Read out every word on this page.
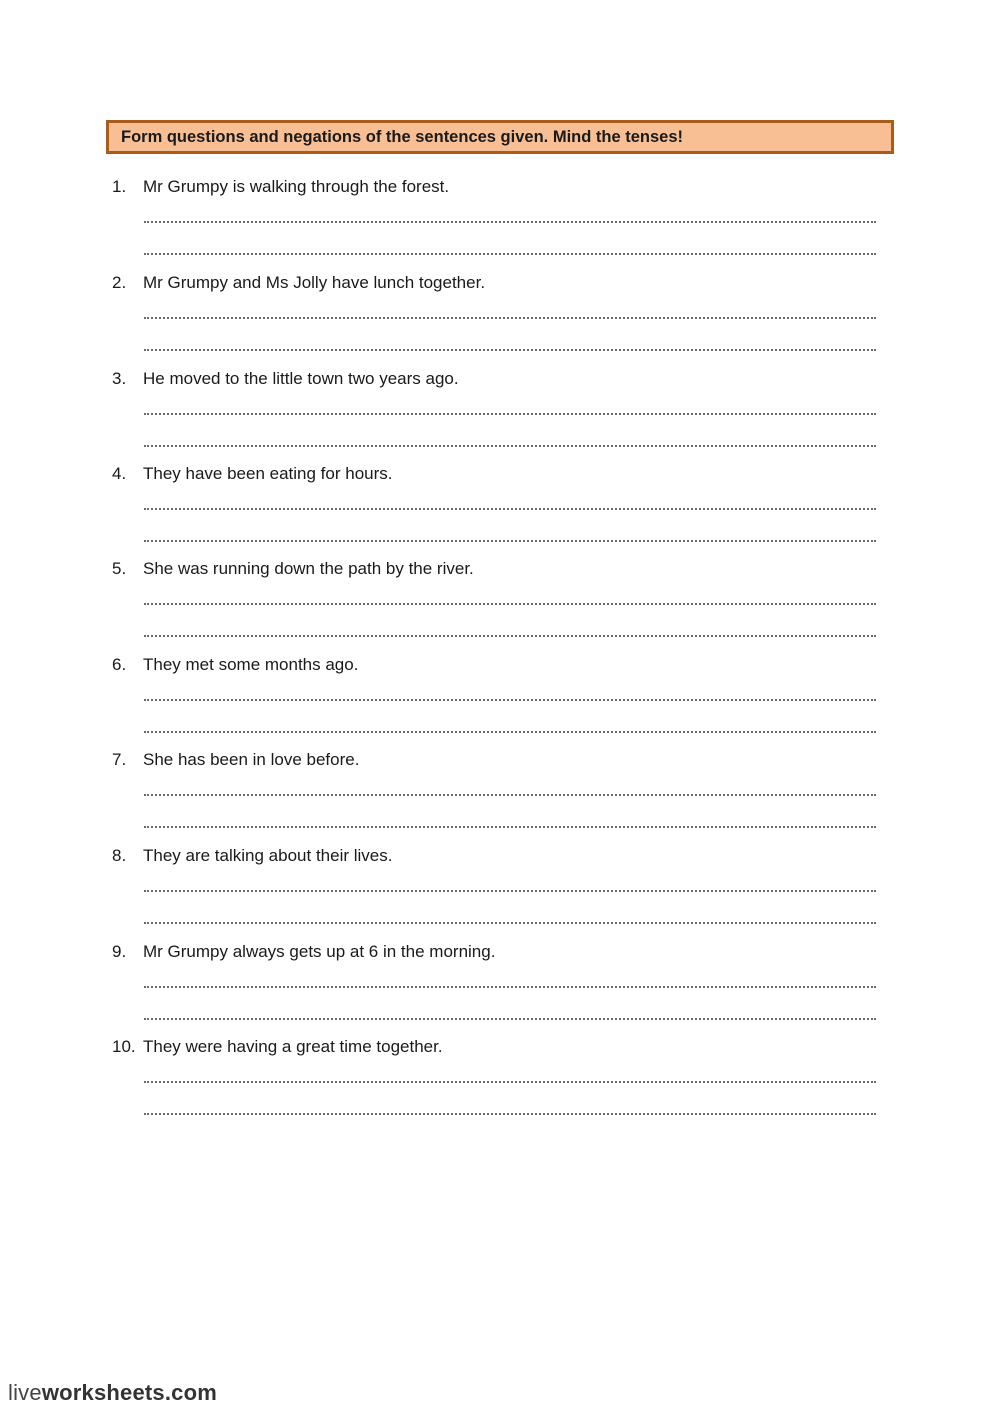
Form questions and negations of the sentences given. Mind the tenses!
1. Mr Grumpy is walking through the forest.
2. Mr Grumpy and Ms Jolly have lunch together.
3. He moved to the little town two years ago.
4. They have been eating for hours.
5. She was running down the path by the river.
6. They met some months ago.
7. She has been in love before.
8. They are talking about their lives.
9. Mr Grumpy always gets up at 6 in the morning.
10. They were having a great time together.
liveworksheets.com
